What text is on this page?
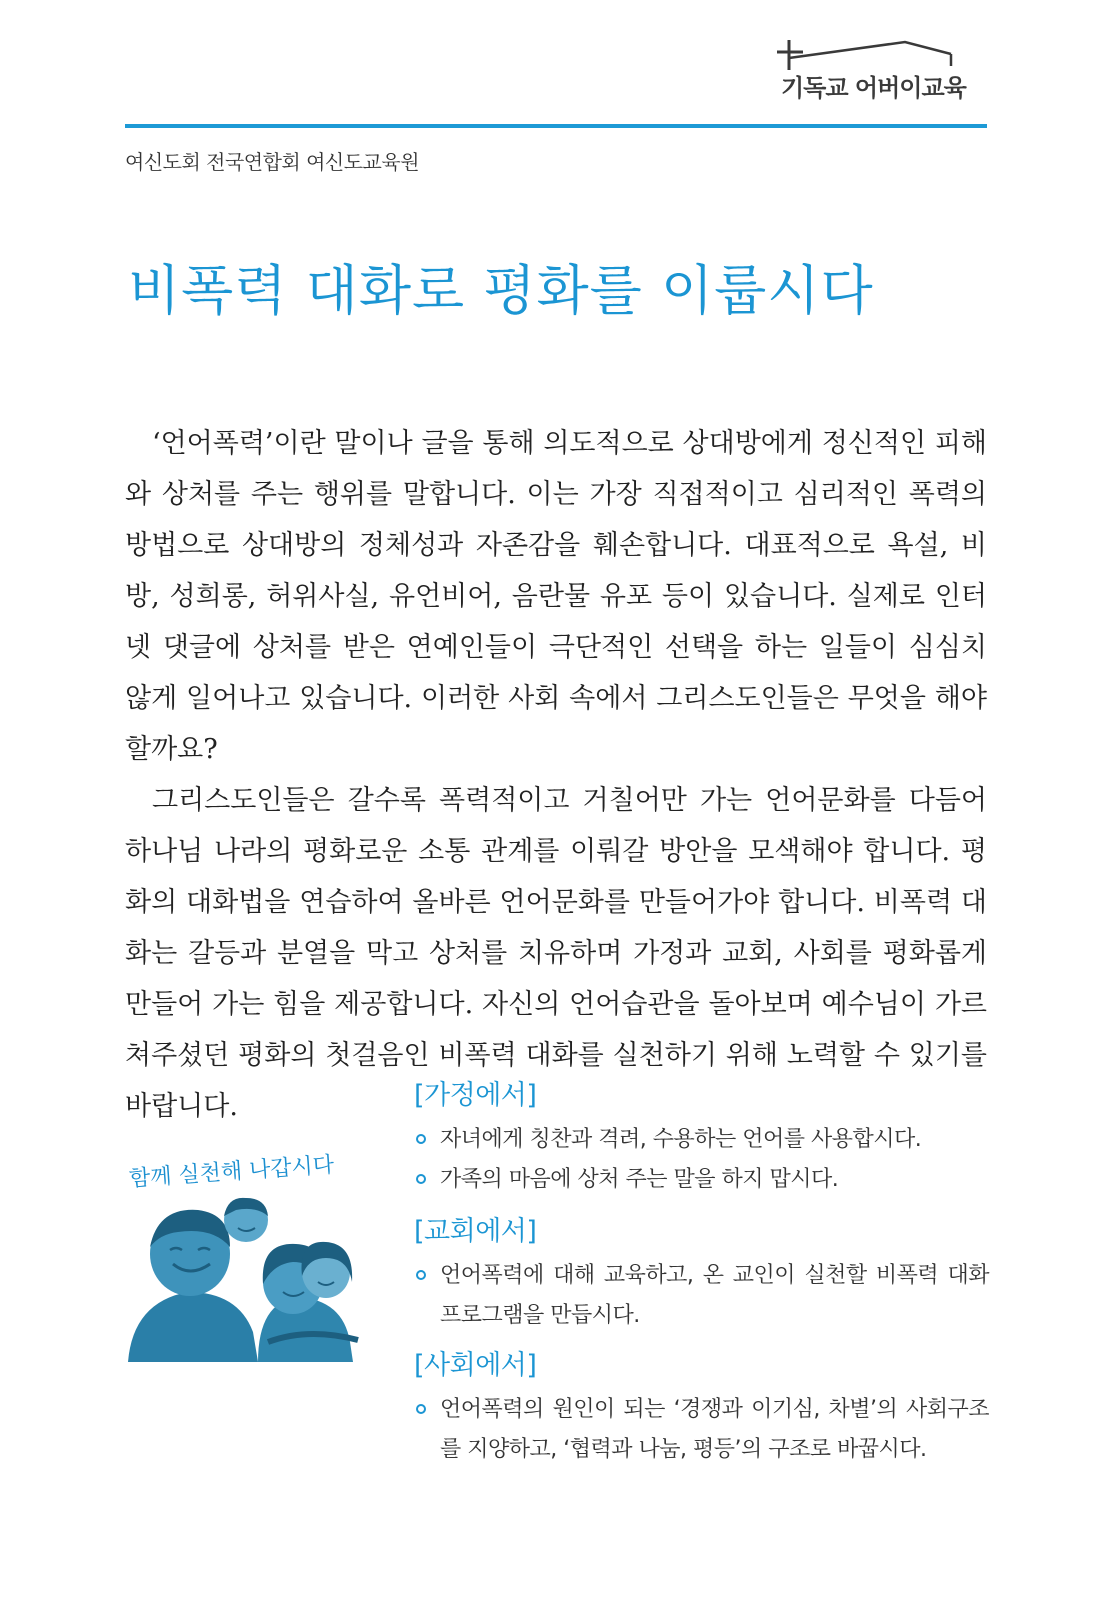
기독교 어버이교육
여신도회 전국연합회 여신도교육원
비폭력 대화로 평화를 이룹시다

‘언어폭력’이란 말이나 글을 통해 의도적으로 상대방에게 정신적인 피해와 상처를 주는 행위를 말합니다. 이는 가장 직접적이고 심리적인 폭력의 방법으로 상대방의 정체성과 자존감을 훼손합니다. 대표적으로 욕설, 비방, 성희롱, 허위사실, 유언비어, 음란물 유포 등이 있습니다. 실제로 인터넷 댓글에 상처를 받은 연예인들이 극단적인 선택을 하는 일들이 심심치 않게 일어나고 있습니다. 이러한 사회 속에서 그리스도인들은 무엇을 해야 할까요?

그리스도인들은 갈수록 폭력적이고 거칠어만 가는 언어문화를 다듬어 하나님 나라의 평화로운 소통 관계를 이뤄갈 방안을 모색해야 합니다. 평화의 대화법을 연습하여 올바른 언어문화를 만들어가야 합니다. 비폭력 대화는 갈등과 분열을 막고 상처를 치유하며 가정과 교회, 사회를 평화롭게 만들어 가는 힘을 제공합니다. 자신의 언어습관을 돌아보며 예수님이 가르쳐주셨던 평화의 첫걸음인 비폭력 대화를 실천하기 위해 노력할 수 있기를 바랍니다.

함께 실천해 나갑시다
[가정에서]
자녀에게 칭찬과 격려, 수용하는 언어를 사용합시다.
가족의 마음에 상처 주는 말을 하지 맙시다.
[교회에서]
언어폭력에 대해 교육하고, 온 교인이 실천할 비폭력 대화 프로그램을 만듭시다.
[사회에서]
언어폭력의 원인이 되는 ‘경쟁과 이기심, 차별’의 사회구조를 지양하고, ‘협력과 나눔, 평등’의 구조로 바꿉시다.
